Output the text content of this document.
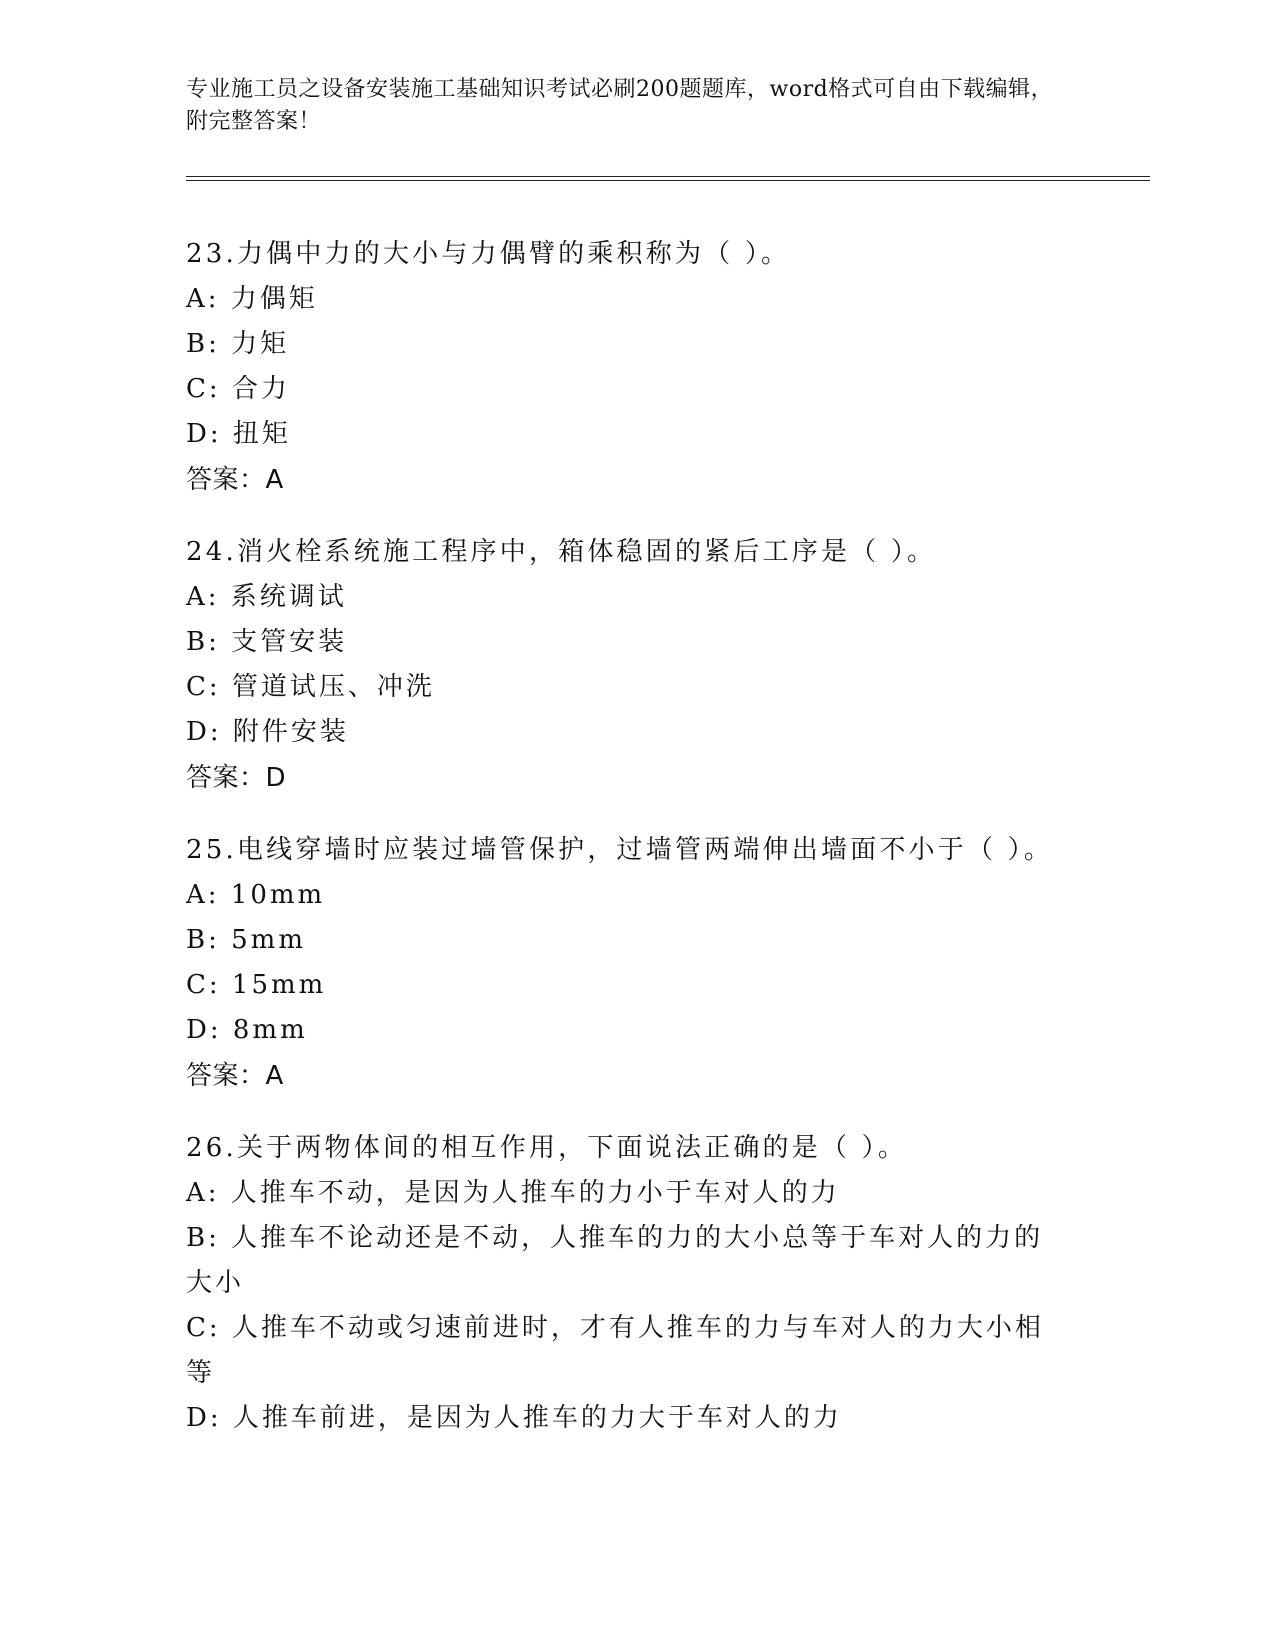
专业施工员之设备安装施工基础知识考试必刷200题题库，word格式可自由下载编辑，附完整答案！

23.力偶中力的大小与力偶臂的乘积称为（ ）。

A: 力偶矩

B: 力矩

C: 合力

D: 扭矩

答案：A

24.消火栓系统施工程序中，箱体稳固的紧后工序是（ ）。

A: 系统调试

B: 支管安装

C: 管道试压、冲洗

D: 附件安装

答案：D

25.电线穿墙时应装过墙管保护，过墙管两端伸出墙面不小于（ ）。

A: 10mm

B: 5mm

C: 15mm

D: 8mm

答案：A

26.关于两物体间的相互作用，下面说法正确的是（ ）。

A: 人推车不动，是因为人推车的力小于车对人的力

B: 人推车不论动还是不动，人推车的力的大小总等于车对人的力的大小

C: 人推车不动或匀速前进时，才有人推车的力与车对人的力大小相等

D: 人推车前进，是因为人推车的力大于车对人的力
